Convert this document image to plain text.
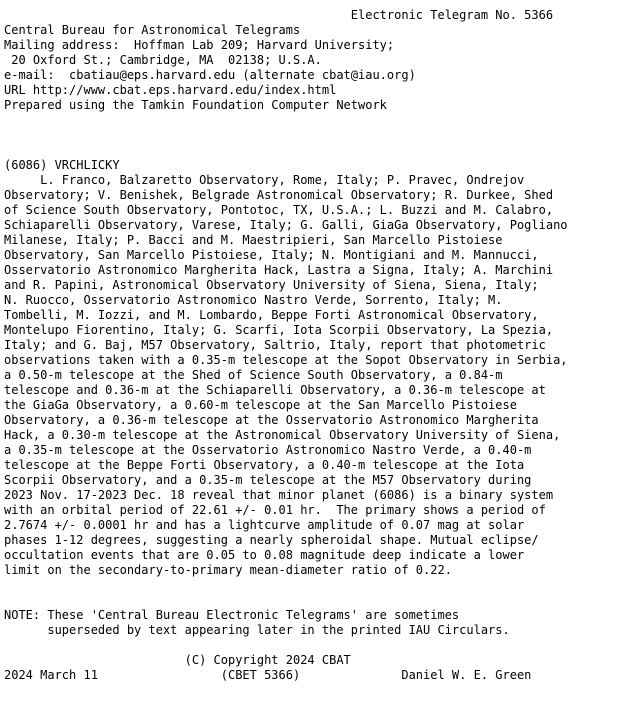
Electronic Telegram No. 5366
Central Bureau for Astronomical Telegrams
Mailing address:  Hoffman Lab 209; Harvard University;
20 Oxford St.; Cambridge, MA  02138; U.S.A.
e-mail:  cbatiau@eps.harvard.edu (alternate cbat@iau.org)
URL http://www.cbat.eps.harvard.edu/index.html
Prepared using the Tamkin Foundation Computer Network
(6086) VRCHLICKY
L. Franco, Balzaretto Observatory, Rome, Italy; P. Pravec, Ondrejov
Observatory; V. Benishek, Belgrade Astronomical Observatory; R. Durkee, Shed
of Science South Observatory, Pontotoc, TX, U.S.A.; L. Buzzi and M. Calabro,
Schiaparelli Observatory, Varese, Italy; G. Galli, GiaGa Observatory, Pogliano
Milanese, Italy; P. Bacci and M. Maestripieri, San Marcello Pistoiese
Observatory, San Marcello Pistoiese, Italy; N. Montigiani and M. Mannucci,
Osservatorio Astronomico Margherita Hack, Lastra a Signa, Italy; A. Marchini
and R. Papini, Astronomical Observatory University of Siena, Siena, Italy;
N. Ruocco, Osservatorio Astronomico Nastro Verde, Sorrento, Italy; M.
Tombelli, M. Iozzi, and M. Lombardo, Beppe Forti Astronomical Observatory,
Montelupo Fiorentino, Italy; G. Scarfi, Iota Scorpii Observatory, La Spezia,
Italy; and G. Baj, M57 Observatory, Saltrio, Italy, report that photometric
observations taken with a 0.35-m telescope at the Sopot Observatory in Serbia,
a 0.50-m telescope at the Shed of Science South Observatory, a 0.84-m
telescope and 0.36-m at the Schiaparelli Observatory, a 0.36-m telescope at
the GiaGa Observatory, a 0.60-m telescope at the San Marcello Pistoiese
Observatory, a 0.36-m telescope at the Osservatorio Astronomico Margherita
Hack, a 0.30-m telescope at the Astronomical Observatory University of Siena,
a 0.35-m telescope at the Osservatorio Astronomico Nastro Verde, a 0.40-m
telescope at the Beppe Forti Observatory, a 0.40-m telescope at the Iota
Scorpii Observatory, and a 0.35-m telescope at the M57 Observatory during
2023 Nov. 17-2023 Dec. 18 reveal that minor planet (6086) is a binary system
with an orbital period of 22.61 +/- 0.01 hr.  The primary shows a period of
2.7674 +/- 0.0001 hr and has a lightcurve amplitude of 0.07 mag at solar
phases 1-12 degrees, suggesting a nearly spheroidal shape. Mutual eclipse/
occultation events that are 0.05 to 0.08 magnitude deep indicate a lower
limit on the secondary-to-primary mean-diameter ratio of 0.22.
NOTE: These 'Central Bureau Electronic Telegrams' are sometimes
superseded by text appearing later in the printed IAU Circulars.
(C) Copyright 2024 CBAT
2024 March 11                 (CBET 5366)              Daniel W. E. Green
